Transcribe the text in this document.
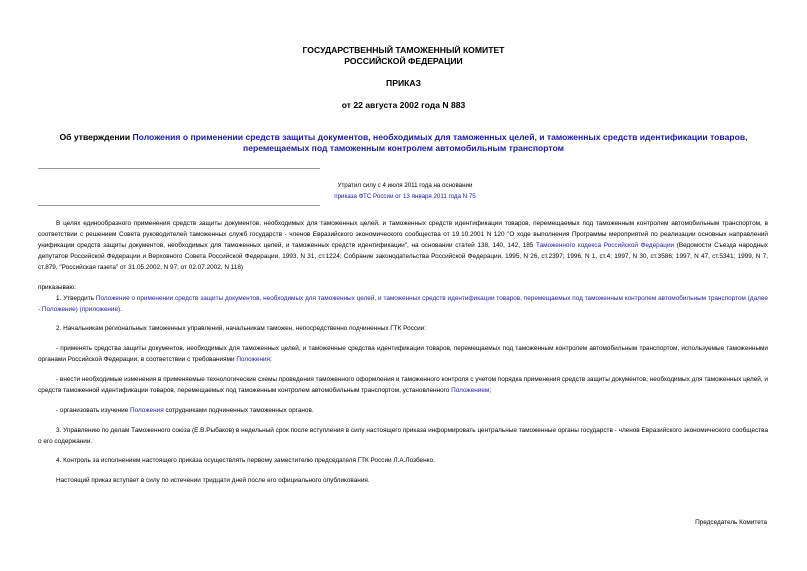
ГОСУДАРСТВЕННЫЙ ТАМОЖЕННЫЙ КОМИТЕТ
РОССИЙСКОЙ ФЕДЕРАЦИИ
ПРИКАЗ
от 22 августа 2002 года N 883
Об утверждении Положения о применении средств защиты документов, необходимых для таможенных целей, и таможенных средств идентификации товаров, перемещаемых под таможенным контролем автомобильным транспортом
Утратил силу с 4 июля 2011 года на основании
приказа ФТС России от 13 января 2011 года N 75
В целях единообразного применения средств защиты документов, необходимых для таможенных целей, и таможенных средств идентификации товаров, перемещаемых под таможенным контролем автомобильным транспортом, в соответствии с решением Совета руководителей таможенных служб государств - членов Евразийского экономического сообщества от 19.10.2001 N 120 "О ходе выполнения Программы мероприятий по реализации основных направлений унификации средств защиты документов, необходимых для таможенных целей, и таможенных средств идентификации", на основании статей 138, 140, 142, 185 Таможенного кодекса Российской Федерации (Ведомости Съезда народных депутатов Российской Федерации и Верховного Совета Российской Федерации, 1993, N 31, ст.1224; Собрание законодательства Российской Федерации, 1995, N 26, ст.2397; 1996, N 1, ст.4; 1997, N 30, ст.3586; 1997, N 47, ст.5341; 1999, N 7, ст.879, "Российская газета" от 31.05.2002, N 97; от 02.07.2002, N 118)
приказываю:
1. Утвердить Положение о применении средств защиты документов, необходимых для таможенных целей, и таможенных средств идентификации товаров, перемещаемых под таможенным контролем автомобильным транспортом (далее - Положение) (приложение).
2. Начальникам региональных таможенных управлений, начальникам таможен, непосредственно подчиненных ГТК России:
- применять средства защиты документов, необходимых для таможенных целей, и таможенные средства идентификации товаров, перемещаемых под таможенным контролем автомобильным транспортом, используемые таможенными органами Российской Федерации, в соответствии с требованиями Положения;
- внести необходимые изменения в применяемые технологические схемы проведения таможенного оформления и таможенного контроля с учетом порядка применения средств защиты документов, необходимых для таможенных целей, и средств таможенной идентификации товаров, перемещаемых под таможенным контролем автомобильным транспортом, установленного Положением;
- организовать изучение Положения сотрудниками подчиненных таможенных органов.
3. Управлению по делам Таможенного союза (Е.В.Рыбаков) в недельный срок после вступления в силу настоящего приказа информировать центральные таможенные органы государств - членов Евразийского экономического сообщества о его содержании.
4. Контроль за исполнением настоящего приказа осуществлять первому заместителю председателя ГТК России Л.А.Лозбенко.
Настоящий приказ вступает в силу по истечении тридцати дней после его официального опубликования.
Председатель Комитета
